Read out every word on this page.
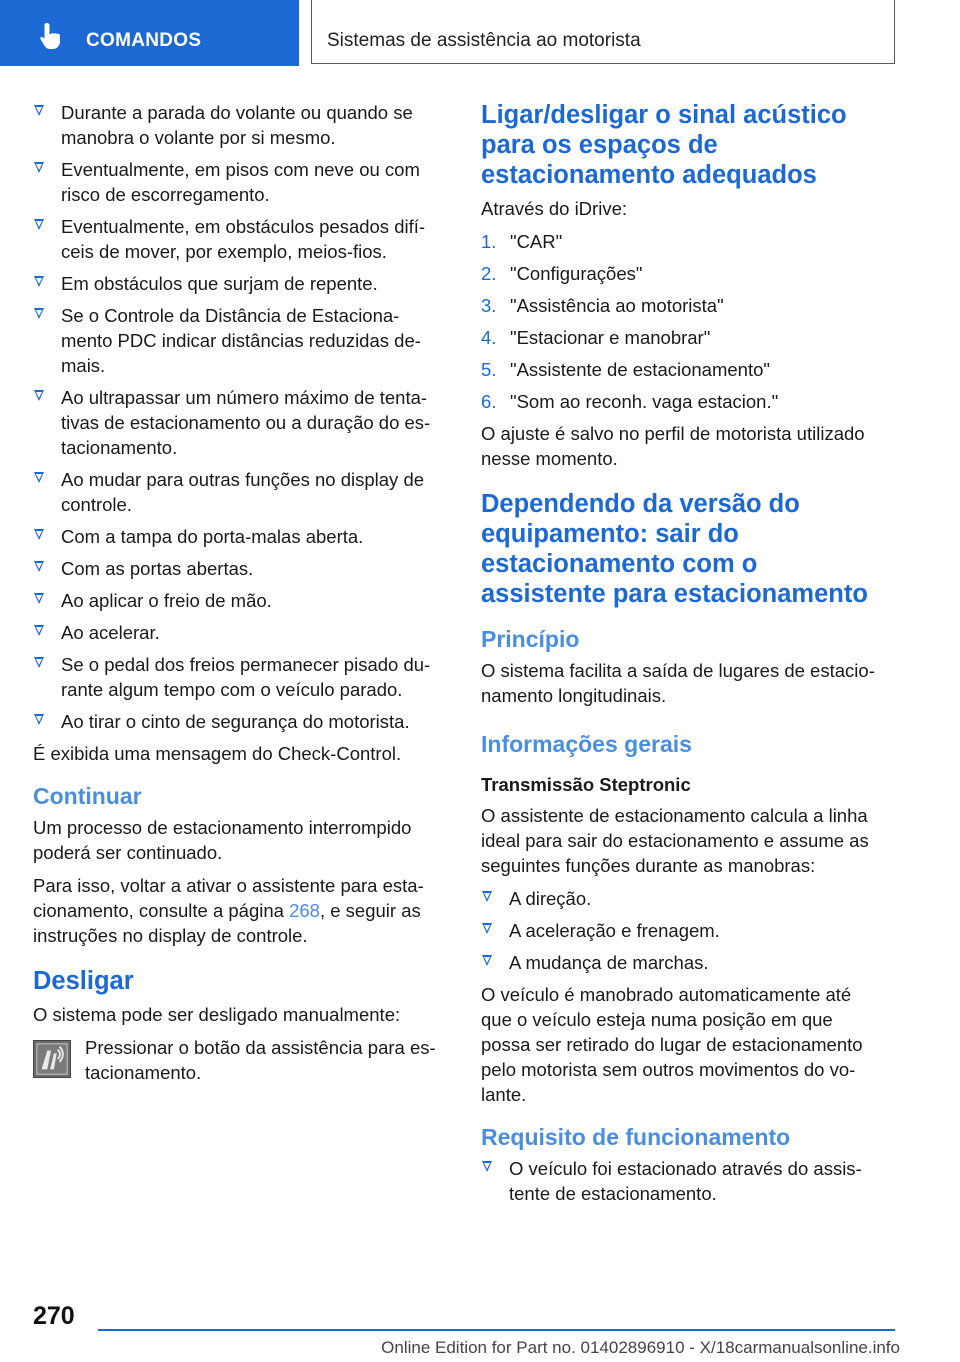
COMANDOS	Sistemas de assistência ao motorista
Durante a parada do volante ou quando se manobra o volante por si mesmo.
Eventualmente, em pisos com neve ou com risco de escorregamento.
Eventualmente, em obstáculos pesados difíceis de mover, por exemplo, meios-fios.
Em obstáculos que surjam de repente.
Se o Controle da Distância de Estacionamento PDC indicar distâncias reduzidas demais.
Ao ultrapassar um número máximo de tentativas de estacionamento ou a duração do estacionamento.
Ao mudar para outras funções no display de controle.
Com a tampa do porta-malas aberta.
Com as portas abertas.
Ao aplicar o freio de mão.
Ao acelerar.
Se o pedal dos freios permanecer pisado durante algum tempo com o veículo parado.
Ao tirar o cinto de segurança do motorista.

É exibida uma mensagem do Check-Control.

Continuar

Um processo de estacionamento interrompido poderá ser continuado.

Para isso, voltar a ativar o assistente para estacionamento, consulte a página 268, e seguir as instruções no display de controle.

Desligar

O sistema pode ser desligado manualmente:

Pressionar o botão da assistência para estacionamento.
Ligar/desligar o sinal acústico para os espaços de estacionamento adequados

Através do iDrive:

1. "CAR"
2. "Configurações"
3. "Assistência ao motorista"
4. "Estacionar e manobrar"
5. "Assistente de estacionamento"
6. "Som ao reconh. vaga estacion."

O ajuste é salvo no perfil de motorista utilizado nesse momento.

Dependendo da versão do equipamento: sair do estacionamento com o assistente para estacionamento
Princípio

O sistema facilita a saída de lugares de estacionamento longitudinais.

Informações gerais
Transmissão Steptronic

O assistente de estacionamento calcula a linha ideal para sair do estacionamento e assume as seguintes funções durante as manobras:

A direção.
A aceleração e frenagem.
A mudança de marchas.

O veículo é manobrado automaticamente até que o veículo esteja numa posição em que possa ser retirado do lugar de estacionamento pelo motorista sem outros movimentos do volante.

Requisito de funcionamento
O veículo foi estacionado através do assistente de estacionamento.
270
Online Edition for Part no. 01402896910 - X/18carmanualsonline.info
